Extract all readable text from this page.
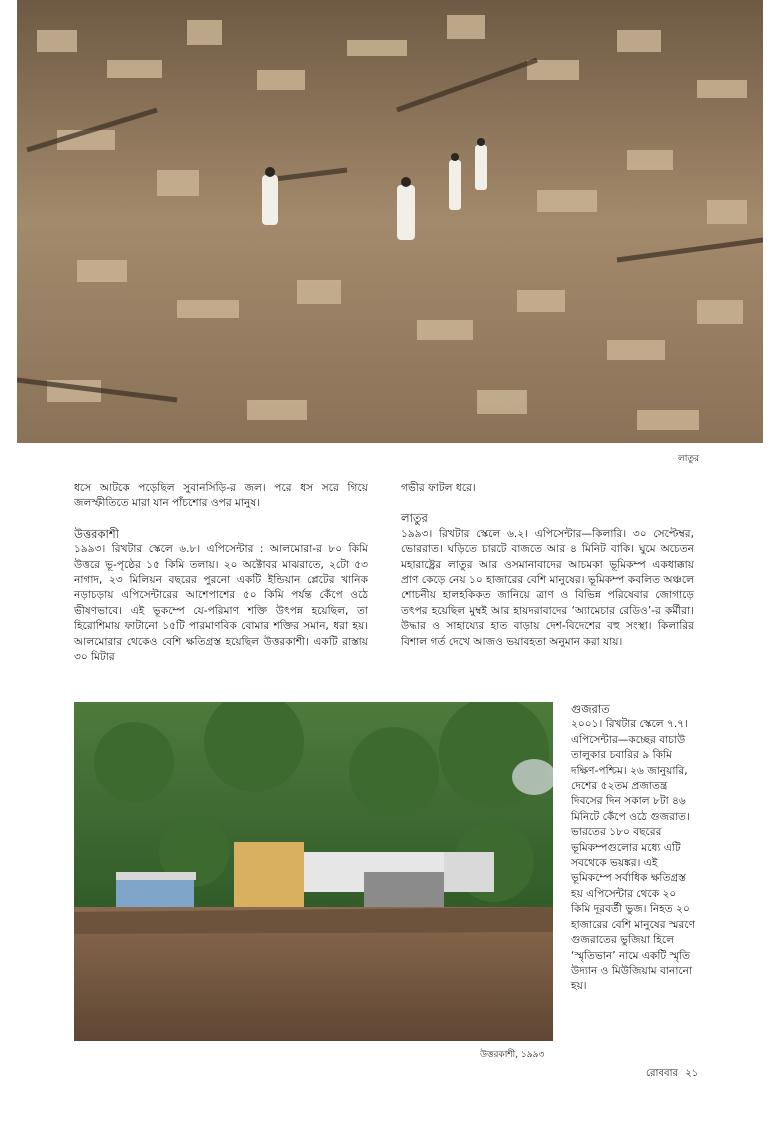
লাতুর

ধসে আটকে পড়েছিল সুবানসিড়ি-র জল। পরে ধস সরে গিয়ে জলস্ফীতিতে মারা যান পাঁচশোর ওপর মানুষ।

উত্তরকাশী

১৯৯৩। রিখটার স্কেলে ৬.৮। এপিসেন্টার : আলমোরা-র ৮০ কিমি উত্তরে ভূ-পৃষ্ঠের ১৫ কিমি তলায়। ২০ অক্টোবর মাঝরাতে, ২টো ৫৩ নাগাদ, ২৩ মিলিয়ন বছরের পুরনো একটি ইন্ডিয়ান প্লেটের খানিক নড়াচড়ায় এপিসেন্টারের আশেপাশের ৫০ কিমি পর্যন্ত কেঁপে ওঠে ভীষণভাবে। এই ভূকম্পে যে-পরিমাণ শক্তি উৎপন্ন হয়েছিল, তা হিরোশিমায় ফাটানো ১৫টি পারমাণবিক বোমার শক্তির সমান, ধরা হয়। আলমোরার থেকেও বেশি ক্ষতিগ্রস্ত হয়েছিল উত্তরকাশী। একটি রাস্তায় ৩০ মিটার

গভীর ফাটল ধরে।

লাতুর

১৯৯৩। রিখটার স্কেলে ৬.২। এপিসেন্টার—কিলারি। ৩০ সেপ্টেম্বর, ভোররাত। ঘড়িতে চারটে বাজতে আর ৪ মিনিট বাকি। ঘুমে অচেতন মহারাষ্ট্রের লাতুর আর ওসমানাবাদের আচমকা ভূমিকম্প একধাক্কায় প্রাণ কেড়ে নেয় ১০ হাজারের বেশি মানুষের। ভূমিকম্প কবলিত অঞ্চলে শোচনীয় হালহকিকত জানিয়ে ত্রাণ ও বিভিন্ন পরিষেবার জোগাড়ে তৎপর হয়েছিল মুম্বই আর হায়দরাবাদের ‘অ্যামেচার রেডিও’-র কর্মীরা। উদ্ধার ও সাহায্যের হাত বাড়ায় দেশ-বিদেশের বহু সংস্থা। কিলারির বিশাল গর্ত দেখে আজও ভয়াবহতা অনুমান করা যায়।

উত্তরকাশী, ১৯৯৩
গুজরাত

২০০১। রিখটার স্কেলে ৭.৭। এপিসেন্টার—কচ্ছের বাচাউ তালুকার চবারির ৯ কিমি দক্ষিণ-পশ্চিম। ২৬ জানুয়ারি, দেশের ৫২তম প্রজাতন্ত্র দিবসের দিন সকাল ৮টা ৪৬ মিনিটে কেঁপে ওঠে গুজরাত। ভারতের ১৮০ বছরের ভূমিকম্পগুলোর মধ্যে এটি সবথেকে ভয়ঙ্কর। এই ভূমিকম্পে সর্বাধিক ক্ষতিগ্রস্ত হয় এপিসেন্টার থেকে ২০ কিমি দূরবর্তী ভুজ। নিহত ২০ হাজারের বেশি মানুষের স্মরণে গুজরাতের ভুজিয়া হিলে ‘স্মৃতিভান’ নামে একটি স্মৃতি উদ্যান ও মিউজিয়াম বানানো হয়।

রোববার ২১
